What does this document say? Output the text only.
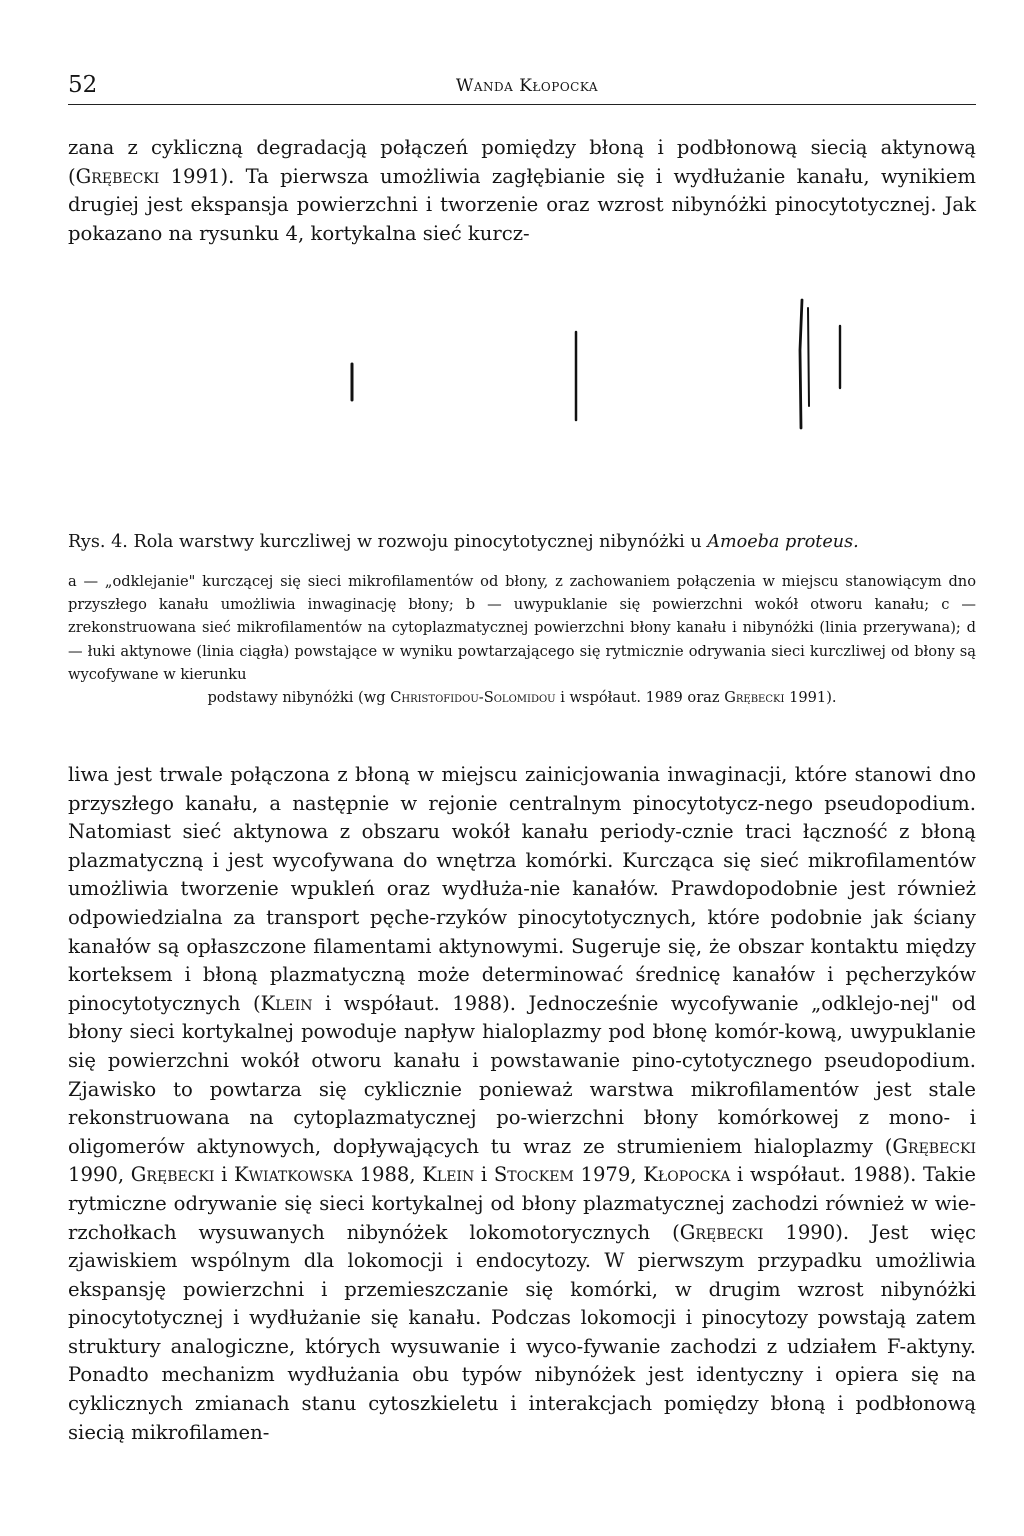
52	Wanda Kłopocka

zana z cykliczną degradacją połączeń pomiędzy błoną i podbłonową siecią aktynową (Grębecki 1991). Ta pierwsza umożliwia zagłębianie się i wydłużanie kanału, wynikiem drugiej jest ekspansja powierzchni i tworzenie oraz wzrost nibynóżki pinocytotycznej. Jak pokazano na rysunku 4, kortykalna sieć kurcz-

Rys. 4. Rola warstwy kurczliwej w rozwoju pinocytotycznej nibynóżki u Amoeba proteus.

a — „odklejanie" kurczącej się sieci mikrofilamentów od błony, z zachowaniem połączenia w miejscu stanowiącym dno przyszłego kanału umożliwia inwaginację błony; b — uwypuklanie się powierzchni wokół otworu kanału; c — zrekonstruowana sieć mikrofilamentów na cytoplazmatycznej powierzchni błony kanału i nibynóżki (linia przerywana); d — łuki aktynowe (linia ciągła) powstające w wyniku powtarzającego się rytmicznie odrywania sieci kurczliwej od błony są wycofywane w kierunku

podstawy nibynóżki (wg Christofidou-Solomidou i współaut. 1989 oraz Grębecki 1991).

liwa jest trwale połączona z błoną w miejscu zainicjowania inwaginacji, które stanowi dno przyszłego kanału, a następnie w rejonie centralnym pinocytotycz-nego pseudopodium. Natomiast sieć aktynowa z obszaru wokół kanału periody-cznie traci łączność z błoną plazmatyczną i jest wycofywana do wnętrza komórki. Kurcząca się sieć mikrofilamentów umożliwia tworzenie wpukleń oraz wydłuża-nie kanałów. Prawdopodobnie jest również odpowiedzialna za transport pęche-rzyków pinocytotycznych, które podobnie jak ściany kanałów są opłaszczone filamentami aktynowymi. Sugeruje się, że obszar kontaktu między korteksem i błoną plazmatyczną może determinować średnicę kanałów i pęcherzyków pinocytotycznych (Klein i współaut. 1988). Jednocześnie wycofywanie „odklejo-nej" od błony sieci kortykalnej powoduje napływ hialoplazmy pod błonę komór-kową, uwypuklanie się powierzchni wokół otworu kanału i powstawanie pino-cytotycznego pseudopodium. Zjawisko to powtarza się cyklicznie ponieważ warstwa mikrofilamentów jest stale rekonstruowana na cytoplazmatycznej po-wierzchni błony komórkowej z mono- i oligomerów aktynowych, dopływających tu wraz ze strumieniem hialoplazmy (Grębecki 1990, Grębecki i Kwiatkowska 1988, Klein i Stockem 1979, Kłopocka i współaut. 1988). Takie rytmiczne odrywanie się sieci kortykalnej od błony plazmatycznej zachodzi również w wie-rzchołkach wysuwanych nibynóżek lokomotorycznych (Grębecki 1990). Jest więc zjawiskiem wspólnym dla lokomocji i endocytozy. W pierwszym przypadku umożliwia ekspansję powierzchni i przemieszczanie się komórki, w drugim wzrost nibynóżki pinocytotycznej i wydłużanie się kanału. Podczas lokomocji i pinocytozy powstają zatem struktury analogiczne, których wysuwanie i wyco-fywanie zachodzi z udziałem F-aktyny. Ponadto mechanizm wydłużania obu typów nibynóżek jest identyczny i opiera się na cyklicznych zmianach stanu cytoszkieletu i interakcjach pomiędzy błoną i podbłonową siecią mikrofilamen-
